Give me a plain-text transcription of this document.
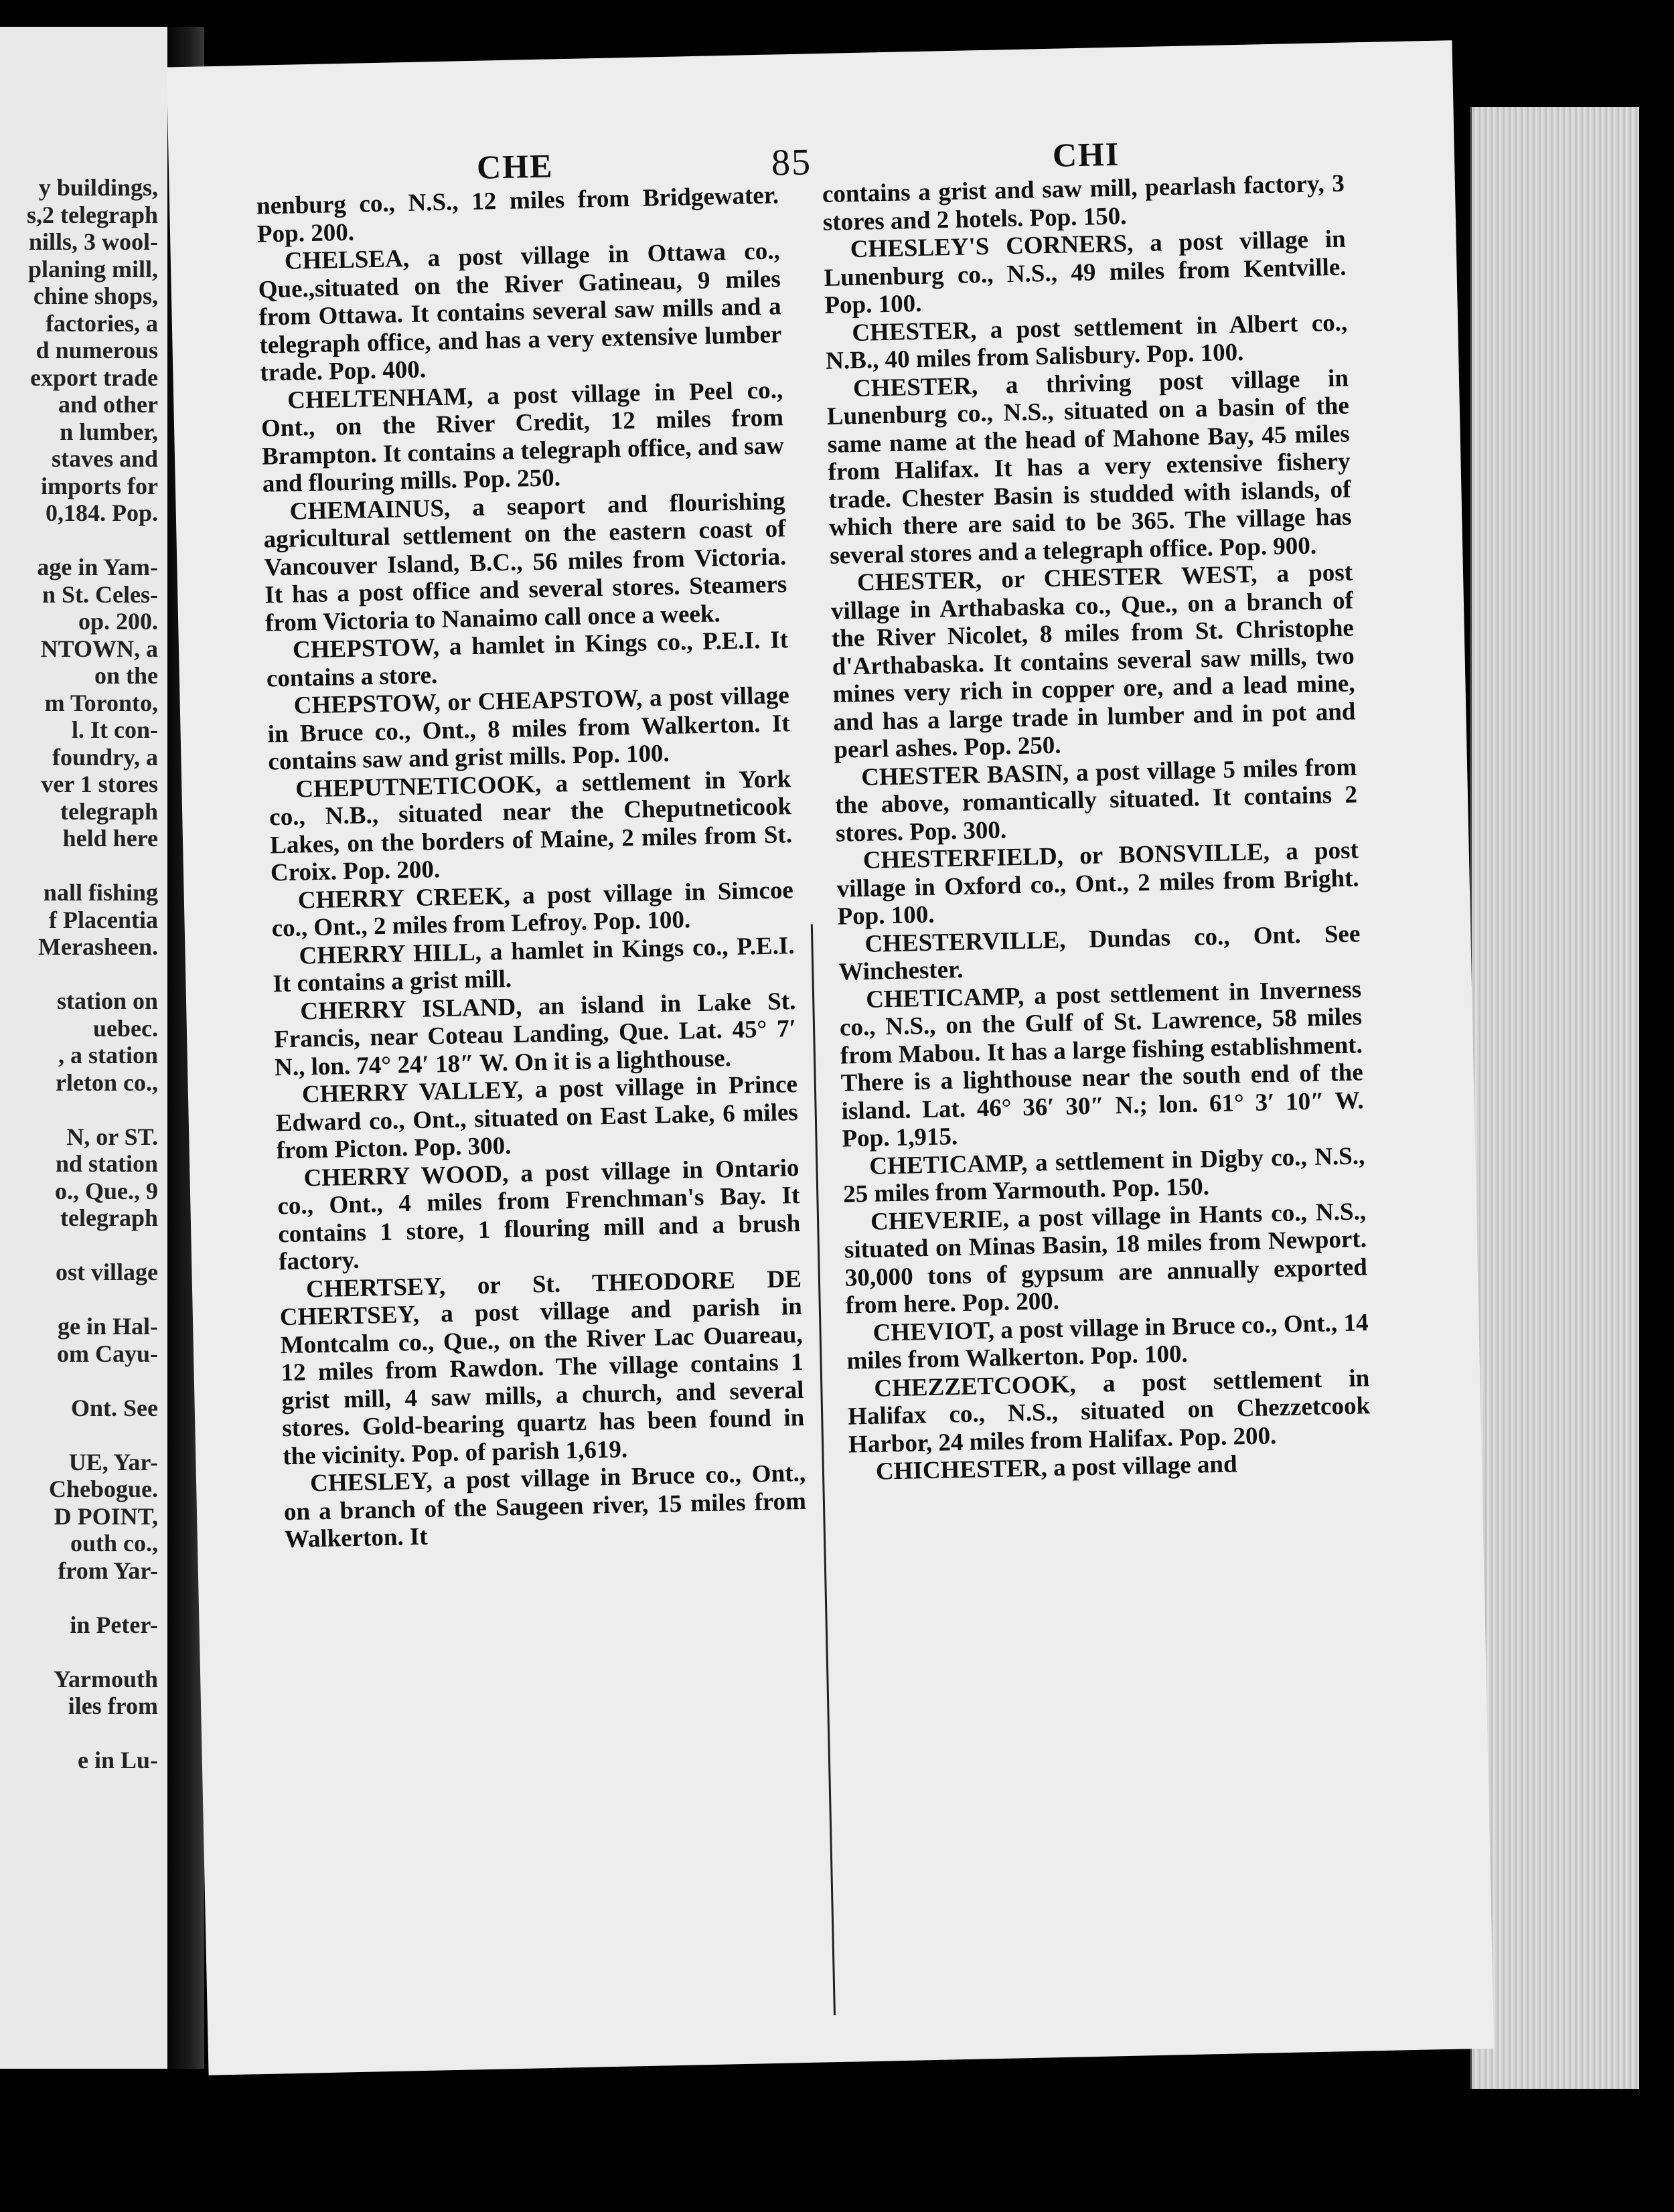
y buildings,
s,2 telegraph
nills, 3 wool-
planing mill,
chine shops,
factories, a
d numerous
export trade
and other
n lumber,
staves and
imports for
0,184. Pop.

age in Yam-
n St. Celes-
op. 200.
NTOWN, a
on the
m Toronto,
l. It con-
foundry, a
ver 1 stores
telegraph
held here

nall fishing
f Placentia
Merasheen.

station on
uebec.
, a station
rleton co.,

N, or ST.
nd station
o., Que., 9
telegraph

ost village

ge in Hal-
om Cayu-

Ont. See

UE, Yar-
Chebogue.
D POINT,
outh co.,
from Yar-

in Peter-

Yarmouth
iles from

e in Lu-
CHE	85	CHI

nenburg co., N.S., 12 miles from Bridgewater. Pop. 200.

CHELSEA, a post village in Ottawa co., Que.,situated on the River Gatineau, 9 miles from Ottawa. It contains several saw mills and a telegraph office, and has a very extensive lumber trade. Pop. 400.

CHELTENHAM, a post village in Peel co., Ont., on the River Credit, 12 miles from Brampton. It contains a telegraph office, and saw and flouring mills. Pop. 250.

CHEMAINUS, a seaport and flourishing agricultural settlement on the eastern coast of Vancouver Island, B.C., 56 miles from Victoria. It has a post office and several stores. Steamers from Victoria to Nanaimo call once a week.

CHEPSTOW, a hamlet in Kings co., P.E.I. It contains a store.

CHEPSTOW, or CHEAPSTOW, a post village in Bruce co., Ont., 8 miles from Walkerton. It contains saw and grist mills. Pop. 100.

CHEPUTNETICOOK, a settlement in York co., N.B., situated near the Cheputneticook Lakes, on the borders of Maine, 2 miles from St. Croix. Pop. 200.

CHERRY CREEK, a post village in Simcoe co., Ont., 2 miles from Lefroy. Pop. 100.

CHERRY HILL, a hamlet in Kings co., P.E.I. It contains a grist mill.

CHERRY ISLAND, an island in Lake St. Francis, near Coteau Landing, Que. Lat. 45° 7′ N., lon. 74° 24′ 18″ W. On it is a lighthouse.

CHERRY VALLEY, a post village in Prince Edward co., Ont., situated on East Lake, 6 miles from Picton. Pop. 300.

CHERRY WOOD, a post village in Ontario co., Ont., 4 miles from Frenchman's Bay. It contains 1 store, 1 flouring mill and a brush factory.

CHERTSEY, or St. THEODORE DE CHERTSEY, a post village and parish in Montcalm co., Que., on the River Lac Ouareau, 12 miles from Rawdon. The village contains 1 grist mill, 4 saw mills, a church, and several stores. Gold-bearing quartz has been found in the vicinity. Pop. of parish 1,619.

CHESLEY, a post village in Bruce co., Ont., on a branch of the Saugeen river, 15 miles from Walkerton. It

contains a grist and saw mill, pearlash factory, 3 stores and 2 hotels. Pop. 150.

CHESLEY'S CORNERS, a post village in Lunenburg co., N.S., 49 miles from Kentville. Pop. 100.

CHESTER, a post settlement in Albert co., N.B., 40 miles from Salisbury. Pop. 100.

CHESTER, a thriving post village in Lunenburg co., N.S., situated on a basin of the same name at the head of Mahone Bay, 45 miles from Halifax. It has a very extensive fishery trade. Chester Basin is studded with islands, of which there are said to be 365. The village has several stores and a telegraph office. Pop. 900.

CHESTER, or CHESTER WEST, a post village in Arthabaska co., Que., on a branch of the River Nicolet, 8 miles from St. Christophe d'Arthabaska. It contains several saw mills, two mines very rich in copper ore, and a lead mine, and has a large trade in lumber and in pot and pearl ashes. Pop. 250.

CHESTER BASIN, a post village 5 miles from the above, romantically situated. It contains 2 stores. Pop. 300.

CHESTERFIELD, or BONSVILLE, a post village in Oxford co., Ont., 2 miles from Bright. Pop. 100.

CHESTERVILLE, Dundas co., Ont. See Winchester.

CHETICAMP, a post settlement in Inverness co., N.S., on the Gulf of St. Lawrence, 58 miles from Mabou. It has a large fishing establishment. There is a lighthouse near the south end of the island. Lat. 46° 36′ 30″ N.; lon. 61° 3′ 10″ W. Pop. 1,915.

CHETICAMP, a settlement in Digby co., N.S., 25 miles from Yarmouth. Pop. 150.

CHEVERIE, a post village in Hants co., N.S., situated on Minas Basin, 18 miles from Newport. 30,000 tons of gypsum are annually exported from here. Pop. 200.

CHEVIOT, a post village in Bruce co., Ont., 14 miles from Walkerton. Pop. 100.

CHEZZETCOOK, a post settlement in Halifax co., N.S., situated on Chezzetcook Harbor, 24 miles from Halifax. Pop. 200.

CHICHESTER, a post village and
